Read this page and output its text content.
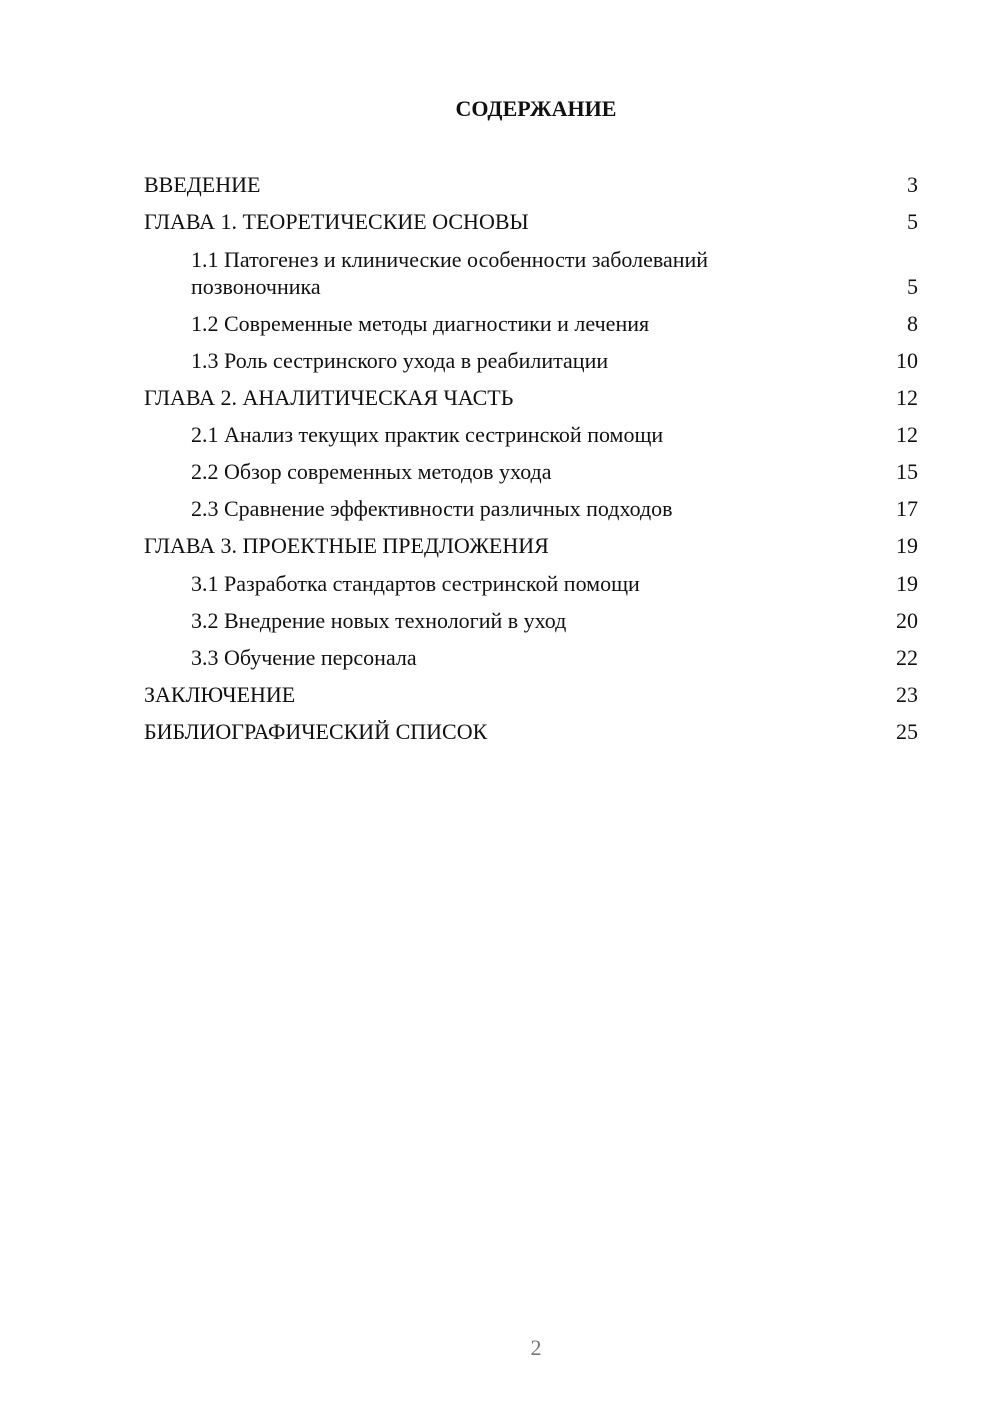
СОДЕРЖАНИЕ
ВВЕДЕНИЕ	3
ГЛАВА 1. ТЕОРЕТИЧЕСКИЕ ОСНОВЫ	5
1.1 Патогенез и клинические особенности заболеваний позвоночника	5
1.2 Современные методы диагностики и лечения	8
1.3 Роль сестринского ухода в реабилитации	10
ГЛАВА 2. АНАЛИТИЧЕСКАЯ ЧАСТЬ	12
2.1 Анализ текущих практик сестринской помощи	12
2.2 Обзор современных методов ухода	15
2.3 Сравнение эффективности различных подходов	17
ГЛАВА 3. ПРОЕКТНЫЕ ПРЕДЛОЖЕНИЯ	19
3.1 Разработка стандартов сестринской помощи	19
3.2 Внедрение новых технологий в уход	20
3.3 Обучение персонала	22
ЗАКЛЮЧЕНИЕ	23
БИБЛИОГРАФИЧЕСКИЙ СПИСОК	25
2
